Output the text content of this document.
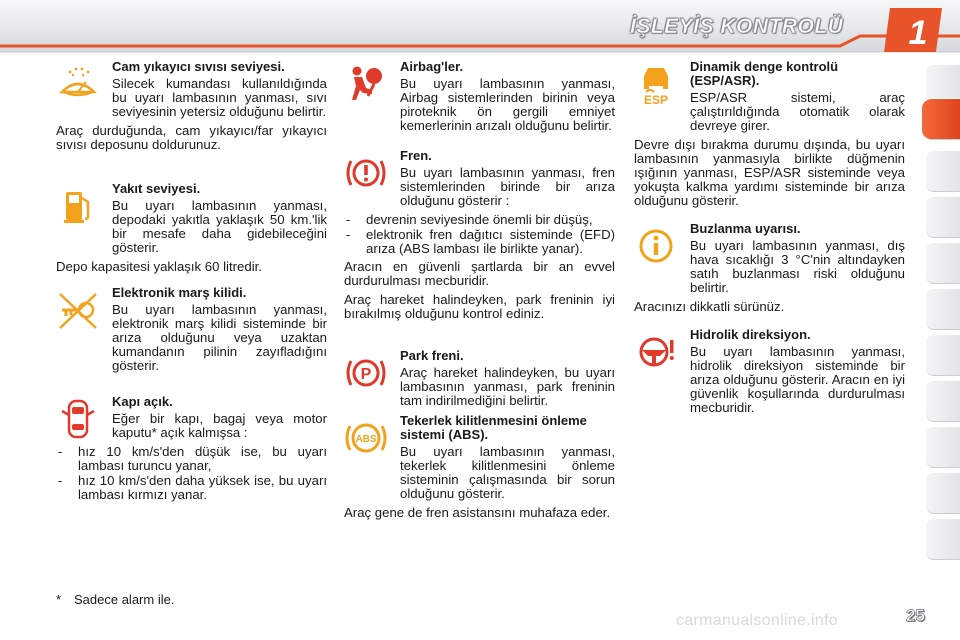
İŞLEYİŞ KONTROLÜ	1
Cam yıkayıcı sıvısı seviyesi.

Silecek kumandası kullanıldığında bu uyarı lambasının yanması, sıvı seviyesinin yetersiz olduğunu belirtir.

Araç durduğunda, cam yıkayıcı/far yıkayıcı sıvısı deposunu doldurunuz.

Yakıt seviyesi.

Bu uyarı lambasının yanması, depodaki yakıtla yaklaşık 50 km.'lik bir mesafe daha gidebileceğini gösterir.

Depo kapasitesi yaklaşık 60 litredir.

Elektronik marş kilidi.

Bu uyarı lambasının yanması, elektronik marş kilidi sisteminde bir arıza olduğunu veya uzaktan kumandanın pilinin zayıfladığını gösterir.

Kapı açık.

Eğer bir kapı, bagaj veya motor kaputu* açık kalmışsa :

- hız 10 km/s'den düşük ise, bu uyarı lambası turuncu yanar,
- hız 10 km/s'den daha yüksek ise, bu uyarı lambası kırmızı yanar.
* Sadece alarm ile.
Airbag'ler.

Bu uyarı lambasının yanması, Airbag sistemlerinden birinin veya piroteknik ön gergili emniyet kemerlerinin arızalı olduğunu belirtir.

Fren.

Bu uyarı lambasının yanması, fren sistemlerinden birinde bir arıza olduğunu gösterir :

- devrenin seviyesinde önemli bir düşüş,
- elektronik fren dağıtıcı sisteminde (EFD) arıza (ABS lambası ile birlikte yanar).

Aracın en güvenli şartlarda bir an evvel durdurulması mecburidir.

Araç hareket halindeyken, park freninin iyi bırakılmış olduğunu kontrol ediniz.

P
Park freni.

Araç hareket halindeyken, bu uyarı lambasının yanması, park freninin tam indirilmediğini belirtir.

ABS
Tekerlek kilitlenmesini önleme sistemi (ABS).

Bu uyarı lambasının yanması, tekerlek kilitlenmesini önleme sisteminin çalışmasında bir sorun olduğunu gösterir.

Araç gene de fren asistansını muhafaza eder.

ESP
Dinamik denge kontrolü (ESP/ASR).

ESP/ASR sistemi, araç çalıştırıldığında otomatik olarak devreye girer.

Devre dışı bırakma durumu dışında, bu uyarı lambasının yanmasıyla birlikte düğmenin ışığının yanması, ESP/ASR sisteminde veya yokuşta kalkma yardımı sisteminde bir arıza olduğunu gösterir.

Buzlanma uyarısı.

Bu uyarı lambasının yanması, dış hava sıcaklığı 3 °C'nin altındayken satıh buzlanması riski olduğunu belirtir.

Aracınızı dikkatli sürünüz.

Hidrolik direksiyon.

Bu uyarı lambasının yanması, hidrolik direksiyon sisteminde bir arıza olduğunu gösterir. Aracın en iyi güvenlik koşullarında durdurulması mecburidir.

carmanualsonline.info	25
